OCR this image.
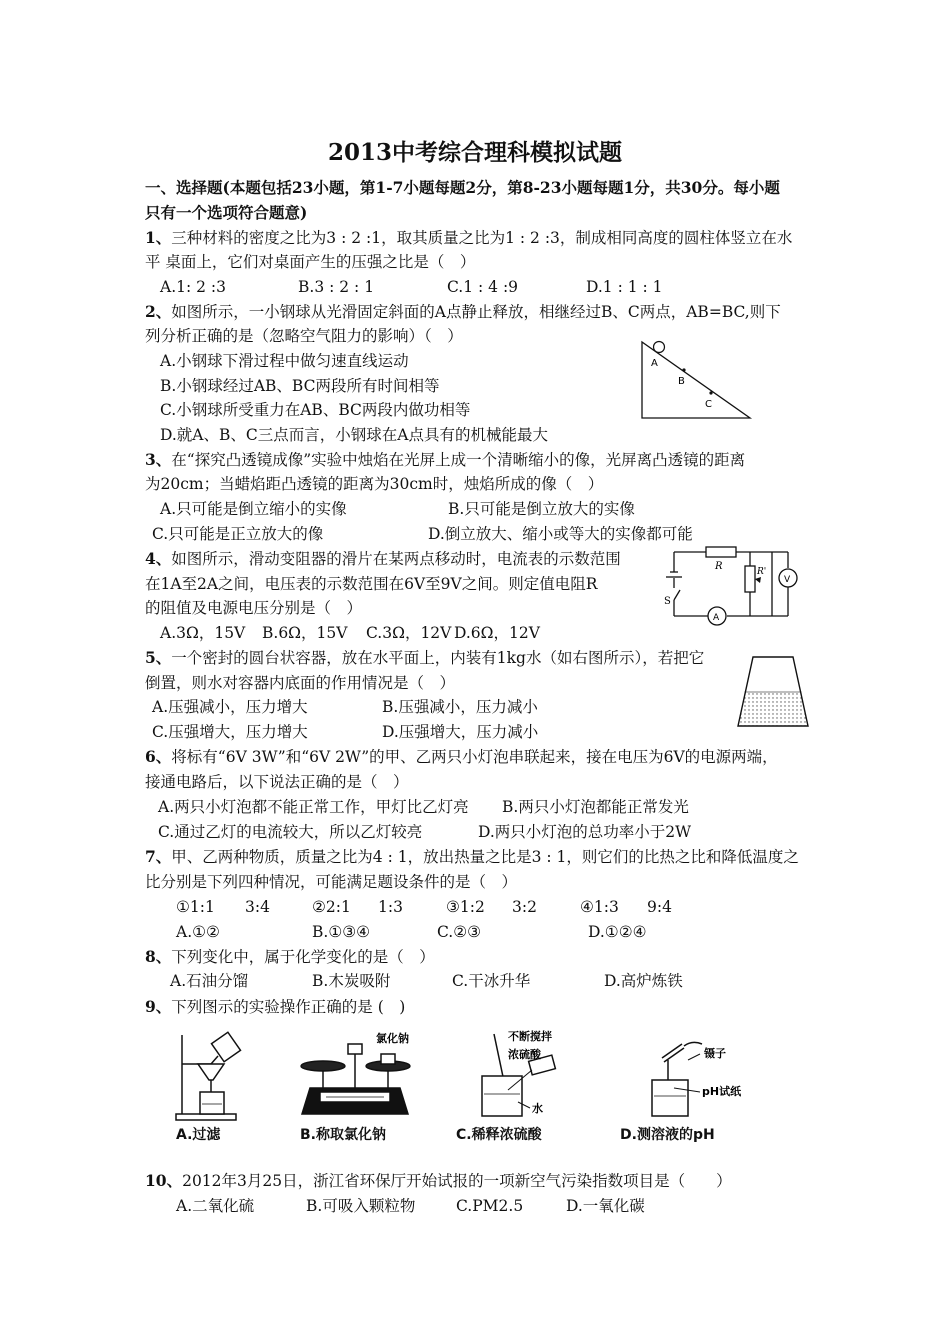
2013中考综合理科模拟试题
一、选择题(本题包括23小题，第1-7小题每题2分，第8-23小题每题1分，共30分。每小题
只有一个选项符合题意)
1、三种材料的密度之比为3 : 2 :1，取其质量之比为1 : 2 :3，制成相同高度的圆柱体竖立在水
平 桌面上，它们对桌面产生的压强之比是（　）
A.1: 2 :3	B.3 : 2 : 1	C.1 : 4 :9	D.1 : 1 : 1
2、如图所示，一小钢球从光滑固定斜面的A点静止释放，相继经过B、C两点，AB=BC,则下
列分析正确的是（忽略空气阻力的影响）（　）
A.小钢球下滑过程中做匀速直线运动
B.小钢球经过AB、BC两段所有时间相等
C.小钢球所受重力在AB、BC两段内做功相等
D.就A、B、C三点而言，小钢球在A点具有的机械能最大
A
B
C
3、在“探究凸透镜成像”实验中烛焰在光屏上成一个清晰缩小的像，光屏离凸透镜的距离
为20cm；当蜡焰距凸透镜的距离为30cm时，烛焰所成的像（　）
A.只可能是倒立缩小的实像	B.只可能是倒立放大的实像
C.只可能是正立放大的像	D.倒立放大、缩小或等大的实像都可能
4、如图所示，滑动变阻器的滑片在某两点移动时，电流表的示数范围
在1A至2A之间，电压表的示数范围在6V至9V之间。则定值电阻R
的阻值及电源电压分别是（　）
A.3Ω，15V B.6Ω，15V C.3Ω，12V D.6Ω，12V
R	R'
V
S
A
5、一个密封的圆台状容器，放在水平面上，内装有1kg水（如右图所示），若把它
倒置，则水对容器内底面的作用情况是（　）
A.压强减小，压力增大	B.压强减小，压力减小
C.压强增大，压力增大	D.压强增大，压力减小
6、将标有“6V 3W”和“6V 2W”的甲、乙两只小灯泡串联起来，接在电压为6V的电源两端，
接通电路后，以下说法正确的是（　）
A.两只小灯泡都不能正常工作，甲灯比乙灯亮 B.两只小灯泡都能正常发光
C.通过乙灯的电流较大，所以乙灯较亮	D.两只小灯泡的总功率小于2W
7、甲、乙两种物质，质量之比为4 : 1，放出热量之比是3 : 1，则它们的比热之比和降低温度之
比分别是下列四种情况，可能满足题设条件的是（　）
①1:1 3:4	②2:1 1:3	③1:2 3:2	④1:3 9:4
A.①②	B.①③④	C.②③	D.①②④
8、下列变化中，属于化学变化的是（　）
A.石油分馏	B.木炭吸附	C.干冰升华	D.高炉炼铁
9、下列图示的实验操作正确的是 (　)
A.过滤
氯化钠
B.称取氯化钠
不断搅拌
浓硫酸
水
C.稀释浓硫酸
镊子
pH试纸
D.测溶液的pH
10、2012年3月25日，浙江省环保厅开始试报的一项新空气污染指数项目是（　　）
A.二氧化硫	B.可吸入颗粒物	C.PM2.5	D.一氧化碳
